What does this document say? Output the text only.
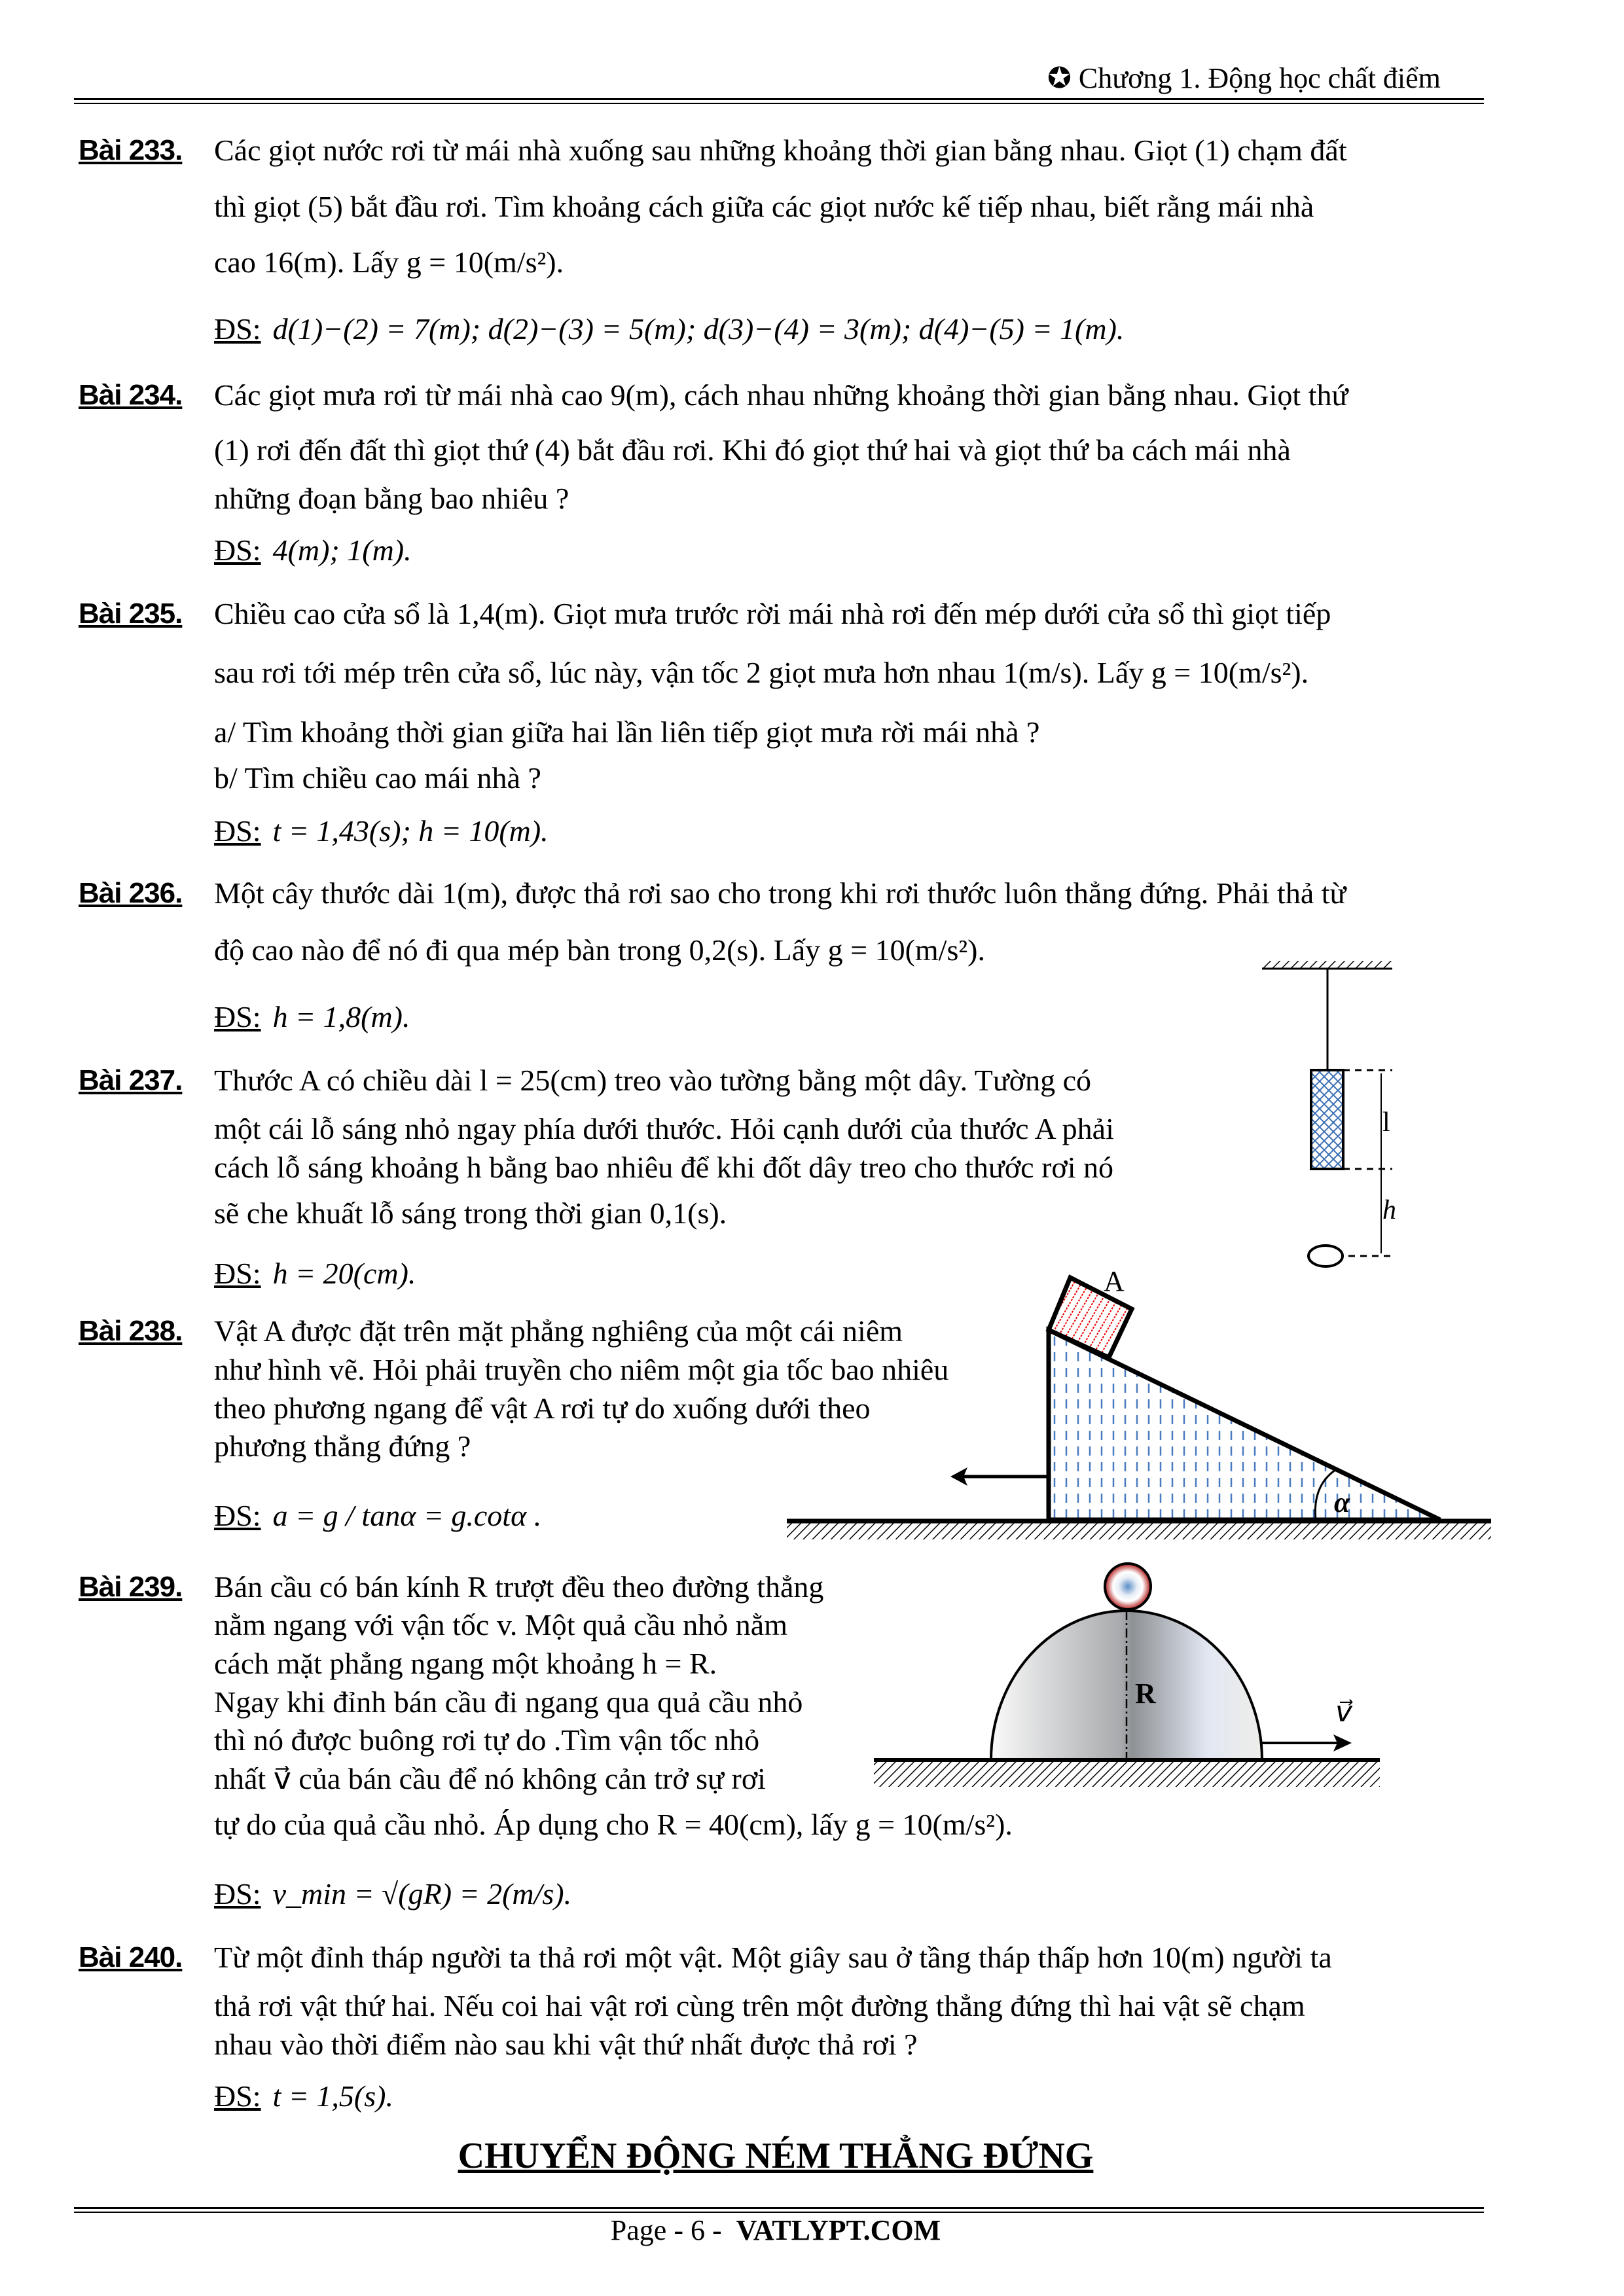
✪ Chương 1. Động học chất điểm
Bài 233. Các giọt nước rơi từ mái nhà xuống sau những khoảng thời gian bằng nhau. Giọt (1) chạm đất
thì giọt (5) bắt đầu rơi. Tìm khoảng cách giữa các giọt nước kế tiếp nhau, biết rằng mái nhà
cao 16(m). Lấy g = 10(m/s²).
ĐS: d(1)−(2) = 7(m); d(2)−(3) = 5(m); d(3)−(4) = 3(m); d(4)−(5) = 1(m).
Bài 234. Các giọt mưa rơi từ mái nhà cao 9(m), cách nhau những khoảng thời gian bằng nhau. Giọt thứ
(1) rơi đến đất thì giọt thứ (4) bắt đầu rơi. Khi đó giọt thứ hai và giọt thứ ba cách mái nhà
những đoạn bằng bao nhiêu ?
ĐS: 4(m); 1(m).
Bài 235. Chiều cao cửa sổ là 1,4(m). Giọt mưa trước rời mái nhà rơi đến mép dưới cửa sổ thì giọt tiếp
sau rơi tới mép trên cửa sổ, lúc này, vận tốc 2 giọt mưa hơn nhau 1(m/s). Lấy g = 10(m/s²).
a/ Tìm khoảng thời gian giữa hai lần liên tiếp giọt mưa rời mái nhà ?
b/ Tìm chiều cao mái nhà ?
ĐS: t = 1,43(s); h = 10(m).
Bài 236. Một cây thước dài 1(m), được thả rơi sao cho trong khi rơi thước luôn thẳng đứng. Phải thả từ
độ cao nào để nó đi qua mép bàn trong 0,2(s). Lấy g = 10(m/s²).
ĐS: h = 1,8(m).
Bài 237. Thước A có chiều dài l = 25(cm) treo vào tường bằng một dây. Tường có
một cái lỗ sáng nhỏ ngay phía dưới thước. Hỏi cạnh dưới của thước A phải
cách lỗ sáng khoảng h bằng bao nhiêu để khi đốt dây treo cho thước rơi nó
sẽ che khuất lỗ sáng trong thời gian 0,1(s).
ĐS: h = 20(cm).
Bài 238. Vật A được đặt trên mặt phẳng nghiêng của một cái niêm
như hình vẽ. Hỏi phải truyền cho niêm một gia tốc bao nhiêu
theo phương ngang để vật A rơi tự do xuống dưới theo
phương thẳng đứng ?
ĐS: a = g / tanα = g.cotα .
Bài 239. Bán cầu có bán kính R trượt đều theo đường thẳng
nằm ngang với vận tốc v. Một quả cầu nhỏ nằm
cách mặt phẳng ngang một khoảng h = R.
Ngay khi đỉnh bán cầu đi ngang qua quả cầu nhỏ
thì nó được buông rơi tự do .Tìm vận tốc nhỏ
nhất v⃗ của bán cầu để nó không cản trở sự rơi
tự do của quả cầu nhỏ. Áp dụng cho R = 40(cm), lấy g = 10(m/s²).
ĐS: v_min = √(gR) = 2(m/s).
Bài 240. Từ một đỉnh tháp người ta thả rơi một vật. Một giây sau ở tầng tháp thấp hơn 10(m) người ta
thả rơi vật thứ hai. Nếu coi hai vật rơi cùng trên một đường thẳng đứng thì hai vật sẽ chạm
nhau vào thời điểm nào sau khi vật thứ nhất được thả rơi ?
ĐS: t = 1,5(s).
CHUYỂN ĐỘNG NÉM THẲNG ĐỨNG
Page - 6 - VATLYPT.COM
l
h
A
α
R
v⃗
